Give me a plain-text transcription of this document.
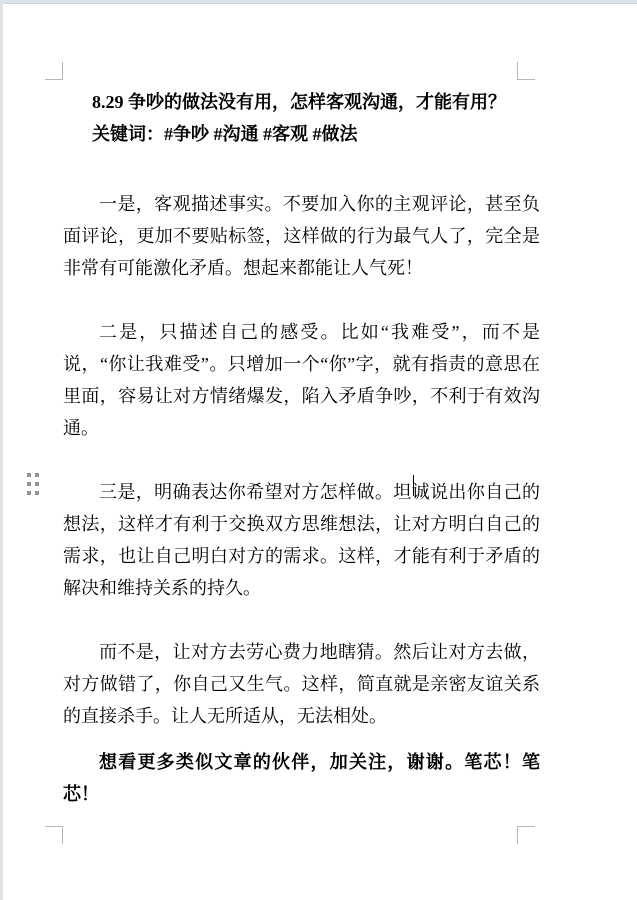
8.29 争吵的做法没有用，怎样客观沟通，才能有用？

关键词：#争吵 #沟通 #客观 #做法

一是，客观描述事实。不要加入你的主观评论，甚至负面评论，更加不要贴标签，这样做的行为最气人了，完全是非常有可能激化矛盾。想起来都能让人气死！

二是，只描述自己的感受。比如“我难受”，而不是说，“你让我难受”。只增加一个“你”字，就有指责的意思在里面，容易让对方情绪爆发，陷入矛盾争吵，不利于有效沟通。

三是，明确表达你希望对方怎样做。坦诚说出你自己的想法，这样才有利于交换双方思维想法，让对方明白自己的需求，也让自己明白对方的需求。这样，才能有利于矛盾的解决和维持关系的持久。

而不是，让对方去劳心费力地瞎猜。然后让对方去做，对方做错了，你自己又生气。这样，简直就是亲密友谊关系的直接杀手。让人无所适从，无法相处。

想看更多类似文章的伙伴，加关注，谢谢。笔芯！笔芯！
